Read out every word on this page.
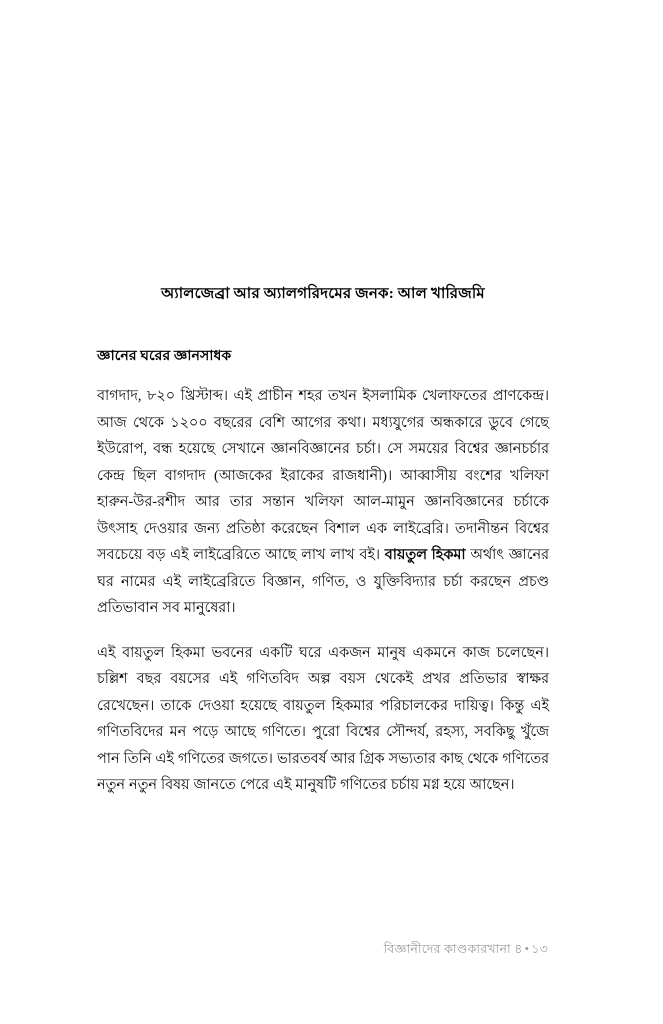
অ্যালজেব্রা আর অ্যালগরিদমের জনক: আল খারিজমি
জ্ঞানের ঘরের জ্ঞানসাধক

বাগদাদ, ৮২০ খ্রিস্টাব্দ। এই প্রাচীন শহর তখন ইসলামিক খেলাফতের প্রাণকেন্দ্র। আজ থেকে ১২০০ বছরের বেশি আগের কথা। মধ্যযুগের অন্ধকারে ডুবে গেছে ইউরোপ, বন্ধ হয়েছে সেখানে জ্ঞানবিজ্ঞানের চর্চা। সে সময়ের বিশ্বের জ্ঞানচর্চার কেন্দ্র ছিল বাগদাদ (আজকের ইরাকের রাজধানী)। আব্বাসীয় বংশের খলিফা হারুন-উর-রশীদ আর তার সন্তান খলিফা আল-মামুন জ্ঞানবিজ্ঞানের চর্চাকে উৎসাহ দেওয়ার জন্য প্রতিষ্ঠা করেছেন বিশাল এক লাইব্রেরি। তদানীন্তন বিশ্বের সবচেয়ে বড় এই লাইব্রেরিতে আছে লাখ লাখ বই। বায়তুল হিকমা অর্থাৎ জ্ঞানের ঘর নামের এই লাইব্রেরিতে বিজ্ঞান, গণিত, ও যুক্তিবিদ্যার চর্চা করছেন প্রচণ্ড প্রতিভাবান সব মানুষেরা।

এই বায়তুল হিকমা ভবনের একটি ঘরে একজন মানুষ একমনে কাজ চলেছেন। চল্লিশ বছর বয়সের এই গণিতবিদ অল্প বয়স থেকেই প্রখর প্রতিভার স্বাক্ষর রেখেছেন। তাকে দেওয়া হয়েছে বায়তুল হিকমার পরিচালকের দায়িত্ব। কিন্তু এই গণিতবিদের মন পড়ে আছে গণিতে। পুরো বিশ্বের সৌন্দর্য, রহস্য, সবকিছু খুঁজে পান তিনি এই গণিতের জগতে। ভারতবর্ষ আর গ্রিক সভ্যতার কাছ থেকে গণিতের নতুন নতুন বিষয় জানতে পেরে এই মানুষটি গণিতের চর্চায় মগ্ন হয়ে আছেন।

বিজ্ঞানীদের কাণ্ডকারখানা ৪ • ১৩
